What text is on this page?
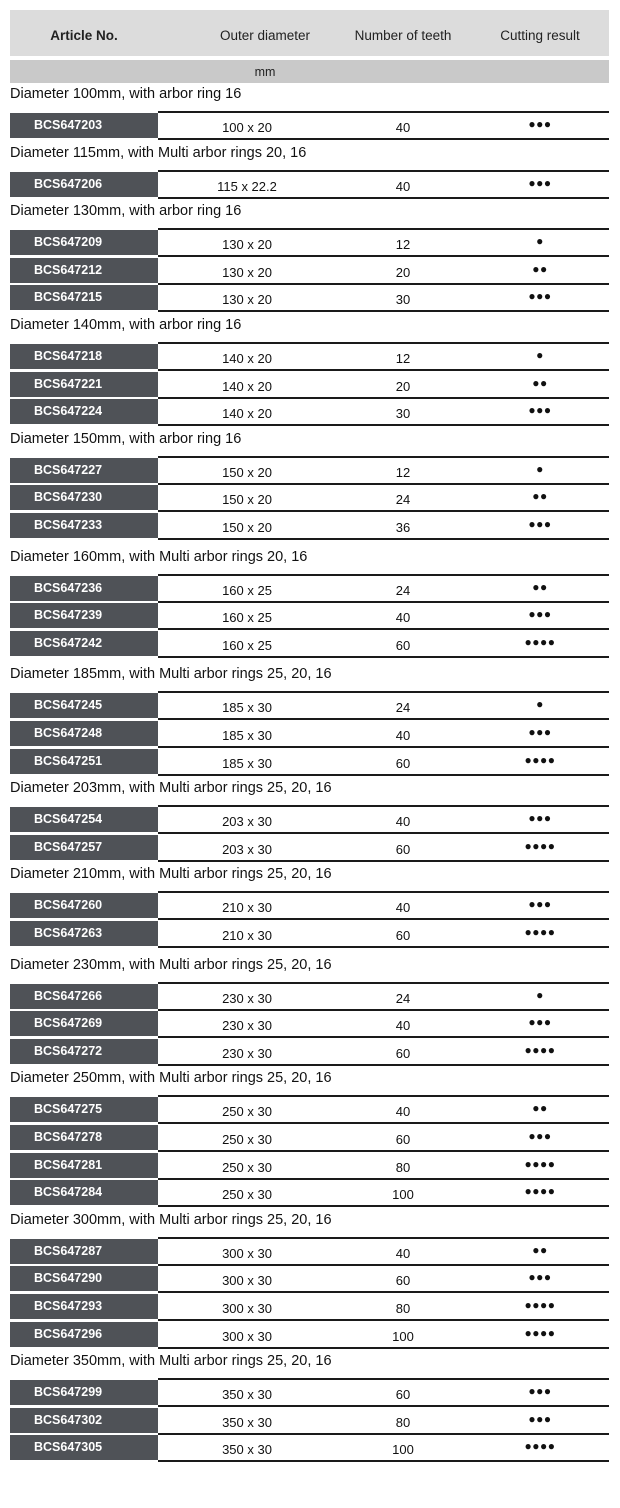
Article No.	Outer diameter	Number of teeth	Cutting result
mm
Diameter 100mm, with arbor ring 16
BCS647203	100 x 20	40	●●●
Diameter 115mm, with Multi arbor rings 20, 16
BCS647206	115 x 22.2	40	●●●
Diameter 130mm, with arbor ring 16
BCS647209	130 x 20	12	●
BCS647212	130 x 20	20	●●
BCS647215	130 x 20	30	●●●
Diameter 140mm, with arbor ring 16
BCS647218	140 x 20	12	●
BCS647221	140 x 20	20	●●
BCS647224	140 x 20	30	●●●
Diameter 150mm, with arbor ring 16
BCS647227	150 x 20	12	●
BCS647230	150 x 20	24	●●
BCS647233	150 x 20	36	●●●
Diameter 160mm, with Multi arbor rings 20, 16
BCS647236	160 x 25	24	●●
BCS647239	160 x 25	40	●●●
BCS647242	160 x 25	60	●●●●
Diameter 185mm, with Multi arbor rings 25, 20, 16
BCS647245	185 x 30	24	●
BCS647248	185 x 30	40	●●●
BCS647251	185 x 30	60	●●●●
Diameter 203mm, with Multi arbor rings 25, 20, 16
BCS647254	203 x 30	40	●●●
BCS647257	203 x 30	60	●●●●
Diameter 210mm, with Multi arbor rings 25, 20, 16
BCS647260	210 x 30	40	●●●
BCS647263	210 x 30	60	●●●●
Diameter 230mm, with Multi arbor rings 25, 20, 16
BCS647266	230 x 30	24	●
BCS647269	230 x 30	40	●●●
BCS647272	230 x 30	60	●●●●
Diameter 250mm, with Multi arbor rings 25, 20, 16
BCS647275	250 x 30	40	●●
BCS647278	250 x 30	60	●●●
BCS647281	250 x 30	80	●●●●
BCS647284	250 x 30	100	●●●●
Diameter 300mm, with Multi arbor rings 25, 20, 16
BCS647287	300 x 30	40	●●
BCS647290	300 x 30	60	●●●
BCS647293	300 x 30	80	●●●●
BCS647296	300 x 30	100	●●●●
Diameter 350mm, with Multi arbor rings 25, 20, 16
BCS647299	350 x 30	60	●●●
BCS647302	350 x 30	80	●●●
BCS647305	350 x 30	100	●●●●
